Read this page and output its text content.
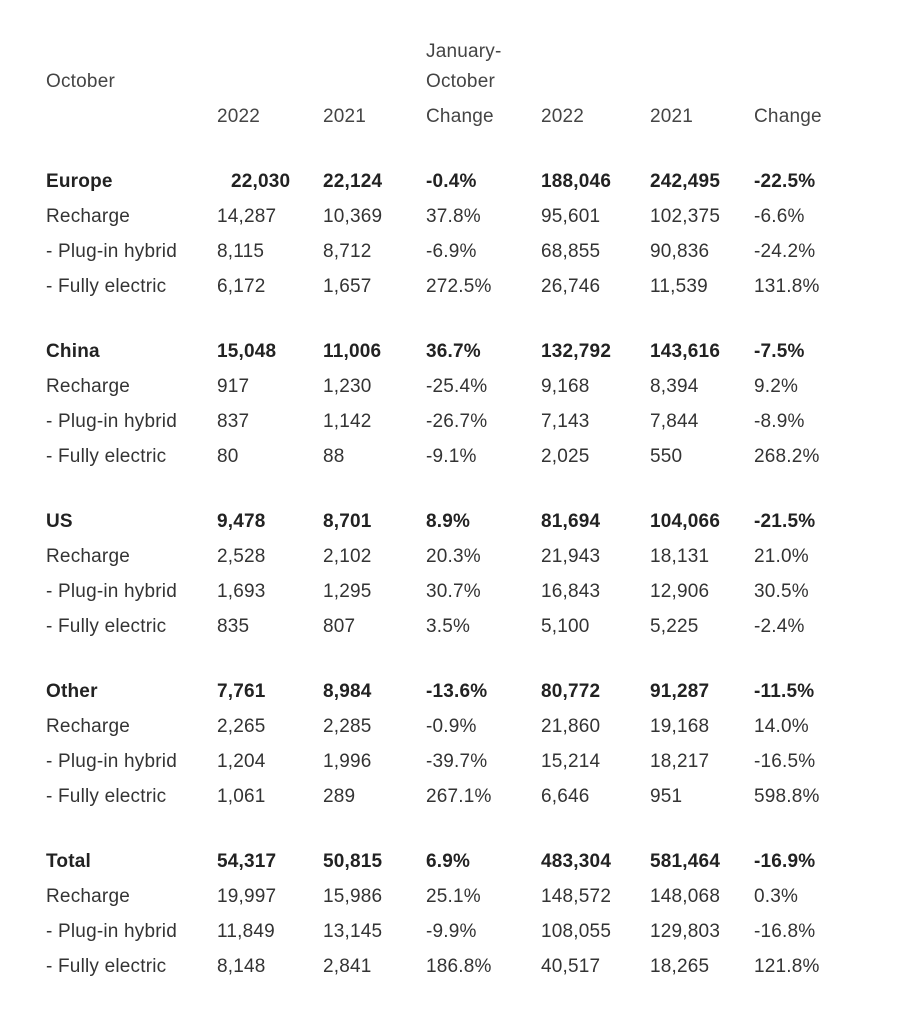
January-
October	October
2022	2021	Change 2022	2021	Change
Europe	22,030 22,124 -0.4%	188,046 242,495 -22.5%
Recharge	14,287 10,369 37.8%	95,601	102,375 -6.6%
- Plug-in hybrid 8,115	8,712	-6.9%	68,855	90,836 -24.2%
- Fully electric	6,172	1,657	272.5%	26,746	11,539 131.8%
China	15,048 11,006 36.7%	132,792 143,616 -7.5%
Recharge	917	1,230	-25.4%	9,168	8,394	9.2%
- Plug-in hybrid 837	1,142	-26.7%	7,143	7,844	-8.9%
- Fully electric	80	88	-9.1%	2,025	550	268.2%
US	9,478	8,701	8.9%	81,694	104,066 -21.5%
Recharge	2,528	2,102	20.3%	21,943	18,131 21.0%
- Plug-in hybrid 1,693	1,295	30.7%	16,843	12,906 30.5%
- Fully electric	835	807	3.5%	5,100	5,225	-2.4%
Other	7,761	8,984	-13.6%	80,772	91,287 -11.5%
Recharge	2,265	2,285	-0.9%	21,860	19,168 14.0%
- Plug-in hybrid 1,204	1,996	-39.7%	15,214	18,217 -16.5%
- Fully electric	1,061	289	267.1%	6,646	951	598.8%
Total	54,317 50,815 6.9%	483,304 581,464 -16.9%
Recharge	19,997 15,986 25.1%	148,572 148,068 0.3%
- Plug-in hybrid 11,849	13,145 -9.9%	108,055 129,803 -16.8%
- Fully electric	8,148	2,841	186.8%	40,517	18,265 121.8%
